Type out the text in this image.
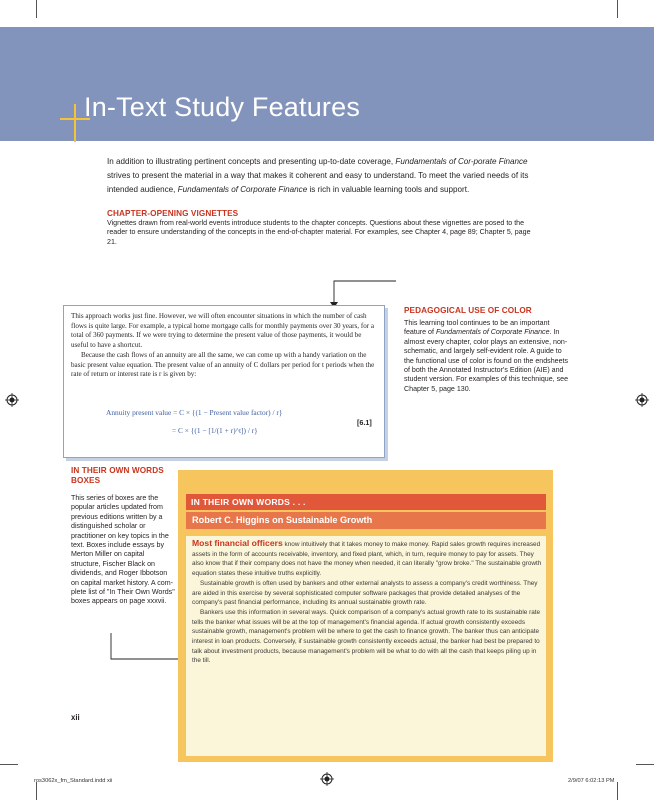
In-Text Study Features
In addition to illustrating pertinent concepts and presenting up-to-date coverage, Fundamentals of Cor-porate Finance strives to present the material in a way that makes it coherent and easy to understand. To meet the varied needs of its intended audience, Fundamentals of Corporate Finance is rich in valuable learning tools and support.
CHAPTER-OPENING VIGNETTES
Vignettes drawn from real-world events introduce students to the chapter concepts. Questions about these vignettes are posed to the reader to ensure understanding of the concepts in the end-of-chapter material. For examples, see Chapter 4, page 89; Chapter 5, page 21.
This approach works just fine. However, we will often encounter situations in which the number of cash flows is quite large. For example, a typical home mortgage calls for monthly payments over 30 years, for a total of 360 payments. If we were trying to determine the present value of those payments, it would be useful to have a shortcut.
Because the cash flows of an annuity are all the same, we can come up with a handy variation on the basic present value equation. The present value of an annuity of C dollars per period for t periods when the rate of return or interest rate is r is given by:
Annuity present value = C × {(1 − Present value factor) / r}
= C × {(1 − [1/(1 + r)^t]) / r}
[6.1]
PEDAGOGICAL USE OF COLOR
This learning tool continues to be an important feature of Fundamentals of Corporate Finance. In almost every chapter, color plays an extensive, non-schematic, and largely self-evident role. A guide to the functional use of color is found on the endsheets of both the Annotated Instructor's Edition (AIE) and student version. For examples of this technique, see Chapter 5, page 130.
IN THEIR OWN WORDS BOXES
This series of boxes are the popular articles updated from previous editions written by a distinguished scholar or practitioner on key topics in the text. Boxes include essays by Merton Miller on capital structure, Fischer Black on dividends, and Roger Ibbotson on capital market history. A com-plete list of "In Their Own Words" boxes appears on page xxxvii.
IN THEIR OWN WORDS . . .
Robert C. Higgins on Sustainable Growth
Most financial officers know intuitively that it takes money to make money. Rapid sales growth requires increased assets in the form of accounts receivable, inventory, and fixed plant, which, in turn, require money to pay for assets. They also know that if their company does not have the money when needed, it can literally "grow broke." The sustainable growth equation states these intuitive truths explicitly.
Sustainable growth is often used by bankers and other external analysts to assess a company's credit worthiness. They are aided in this exercise by several sophisticated computer software packages that provide detailed analyses of the company's past financial performance, including its annual sustainable growth rate.
Bankers use this information in several ways. Quick comparison of a company's actual growth rate to its sustainable rate tells the banker what issues will be at the top of management's financial agenda. If actual growth consistently exceeds sustainable growth, management's problem will be where to get the cash to finance growth. The banker thus can anticipate interest in loan products. Conversely, if sustainable growth consistently exceeds actual, the banker had best be prepared to talk about investment products, because management's problem will be what to do with all the cash that keeps piling up in the till.
xii
ros3062x_fm_Standard.indd xii	2/9/07 6:02:13 PM
